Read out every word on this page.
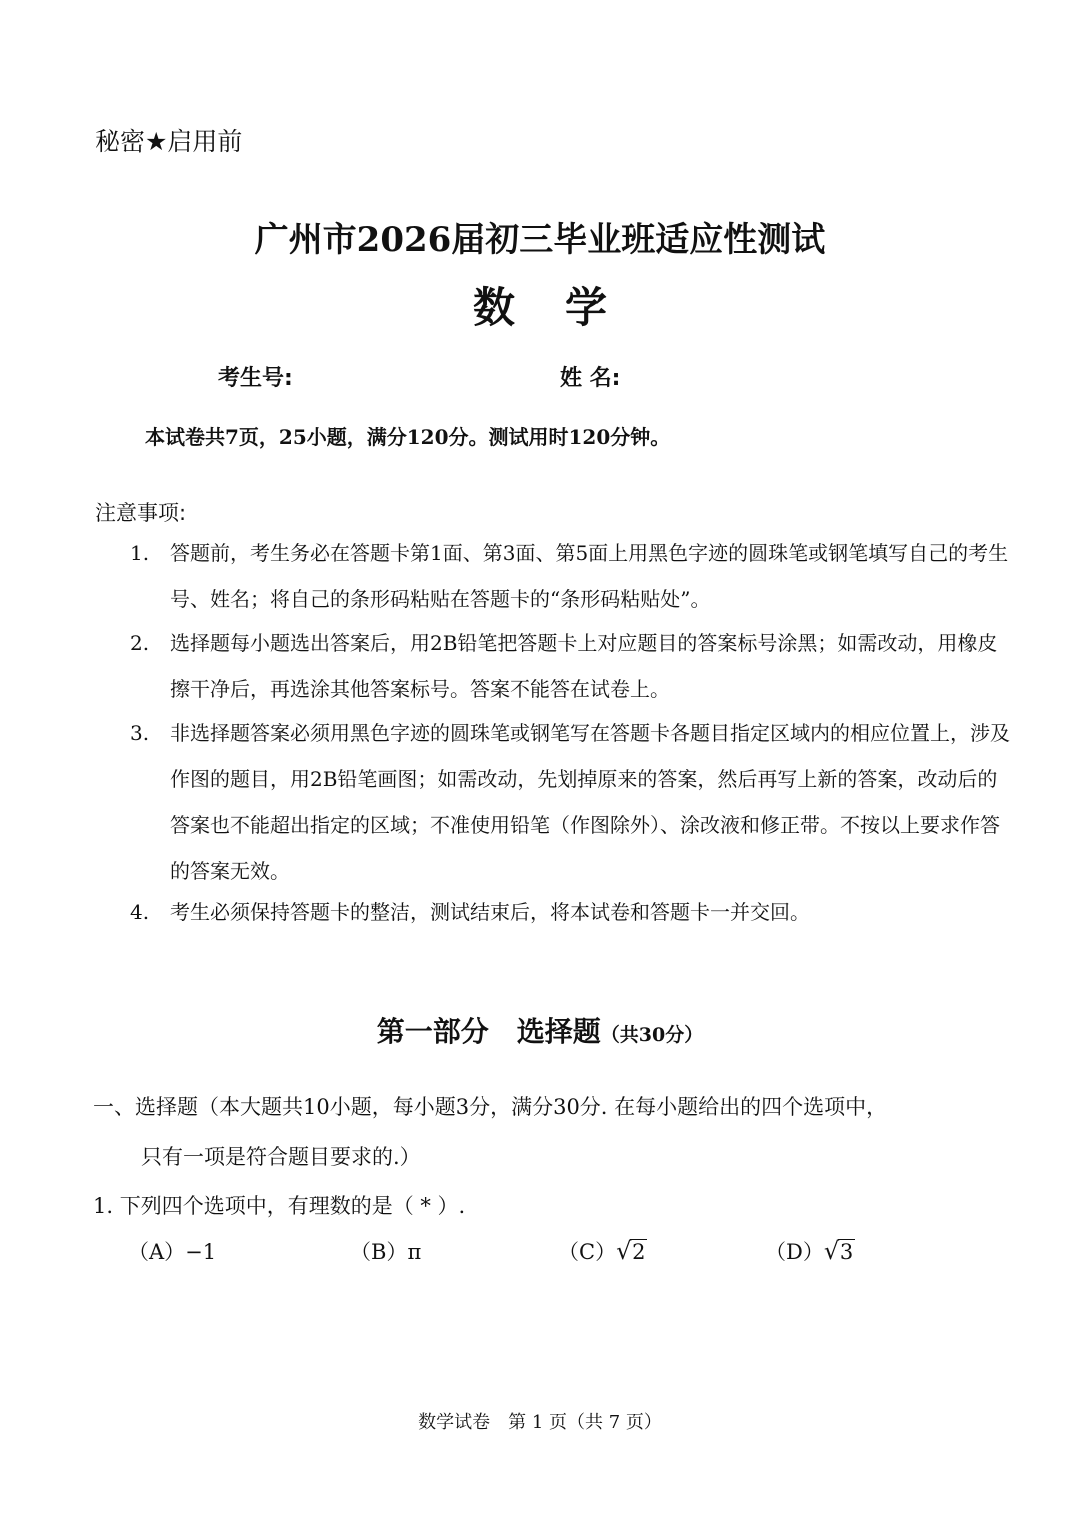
秘密★启用前
广州市2026届初三毕业班适应性测试
数学
考生号:	姓 名:
本试卷共7页，25小题，满分120分。测试用时120分钟。
注意事项:
1. 答题前，考生务必在答题卡第1面、第3面、第5面上用黑色字迹的圆珠笔或钢笔填写自己的考生号、姓名；将自己的条形码粘贴在答题卡的“条形码粘贴处”。
2. 选择题每小题选出答案后，用2B铅笔把答题卡上对应题目的答案标号涂黑；如需改动，用橡皮擦干净后，再选涂其他答案标号。答案不能答在试卷上。
3. 非选择题答案必须用黑色字迹的圆珠笔或钢笔写在答题卡各题目指定区域内的相应位置上，涉及作图的题目，用2B铅笔画图；如需改动，先划掉原来的答案，然后再写上新的答案，改动后的答案也不能超出指定的区域；不准使用铅笔（作图除外）、涂改液和修正带。不按以上要求作答的答案无效。
4. 考生必须保持答题卡的整洁，测试结束后，将本试卷和答题卡一并交回。
第一部分　选择题（共30分）
一、选择题（本大题共10小题，每小题3分，满分30分. 在每小题给出的四个选项中，
只有一项是符合题目要求的.）
1. 下列四个选项中，有理数的是（ * ）.
（A）−1	（B）π	（C） √ 2	（D） √ 3
数学试卷　第 1 页（共 7 页）
